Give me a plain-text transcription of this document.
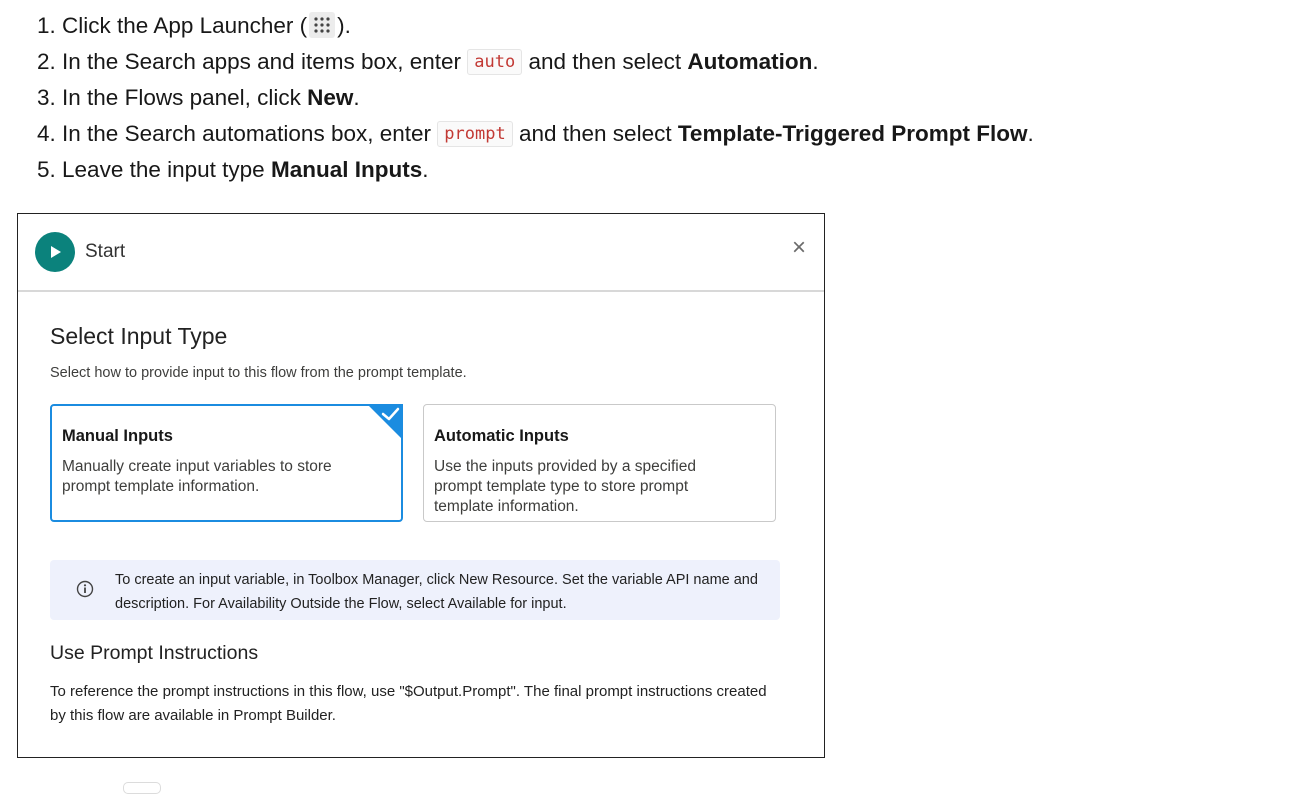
1. Click the App Launcher ( ).
2. In the Search apps and items box, enter auto and then select Automation.
3. In the Flows panel, click New.
4. In the Search automations box, enter prompt and then select Template-Triggered Prompt Flow.
5. Leave the input type Manual Inputs.
Start	×
Select Input Type
Select how to provide input to this flow from the prompt template.
Manual Inputs
Manually create input variables to store prompt template information.
Automatic Inputs
Use the inputs provided by a specified prompt template type to store prompt template information.
To create an input variable, in Toolbox Manager, click New Resource. Set the variable API name and description. For Availability Outside the Flow, select Available for input.
Use Prompt Instructions
To reference the prompt instructions in this flow, use "$Output.Prompt". The final prompt instructions created by this flow are available in Prompt Builder.
